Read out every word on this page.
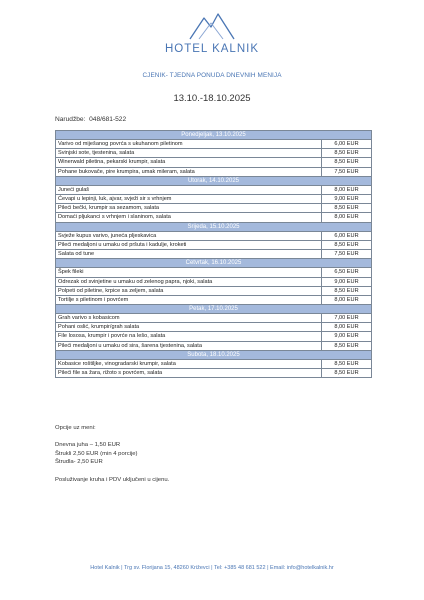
HOTEL KALNIK
CJENIK- TJEDNA PONUDA DNEVNIH MENIJA
13.10.-18.10.2025
Narudžbe: 048/681-522
Ponedjeljak, 13.10.2025	
Varivo od miješanog povrća s ukuhanom piletinom	6,00 EUR
Svinjski sote, tjestenina, salata	8,50 EUR
Winerwald piletina, pekarski krumpir, salata	8,50 EUR
Pohane bukovače, pire krumpira, umak mileram, salata	7,50 EUR
Utorak, 14.10.2025	
Juneći gulaš	8,00 EUR
Ćevapi u lepinji, luk, ajvar, svježi sir s vrhnjem	9,00 EUR
Pileći bečki, krumpir sa sezamom, salata	8,50 EUR
Domaći pljukanci s vrhnjem i slaninom, salata	8,00 EUR
Srijeda, 15.10.2025	
Svježe kupus varivo, juneća pljeskavica	6,00 EUR
Pileći medaljoni u umaku od pršuta i kadulje, kroketi	8,50 EUR
Salata od tune	7,50 EUR
Četvrtak, 16.10.2025	
Špek fileki	6,50 EUR
Odrezak od svinjetine u umaku od zelenog papra, njoki, salata	9,00 EUR
Polpeti od piletine, krpice sa zeljem, salata	8,50 EUR
Tortilje s piletinom i povrćem	8,00 EUR
Petak, 17.10.2025	
Grah varivo s kobasicom	7,00 EUR
Pohani oslić, krumpir/grah salata	8,00 EUR
File lososa, krumpir i povrće na lešo, salata	9,00 EUR
Pileći medaljoni u umaku od sira, šarena tjestenina, salata	8,50 EUR
Subota, 18.10.2025	
Kobasice roštiljke, vinogradarski krumpir, salata	8,50 EUR
Pileći file sa žara, rižoto s povrćem, salata	8,50 EUR
Opcije uz meni:
Dnevna juha – 1,50 EUR
Štrukli 2,50 EUR (min 4 porcije)
Štrudla- 2,50 EUR
Posluživanje kruha i PDV uključeni u cijenu.
Hotel Kalnik | Trg sv. Florijana 15, 48260 Križevci | Tel: +385 48 681 522 | Email: info@hotelkalnik.hr
